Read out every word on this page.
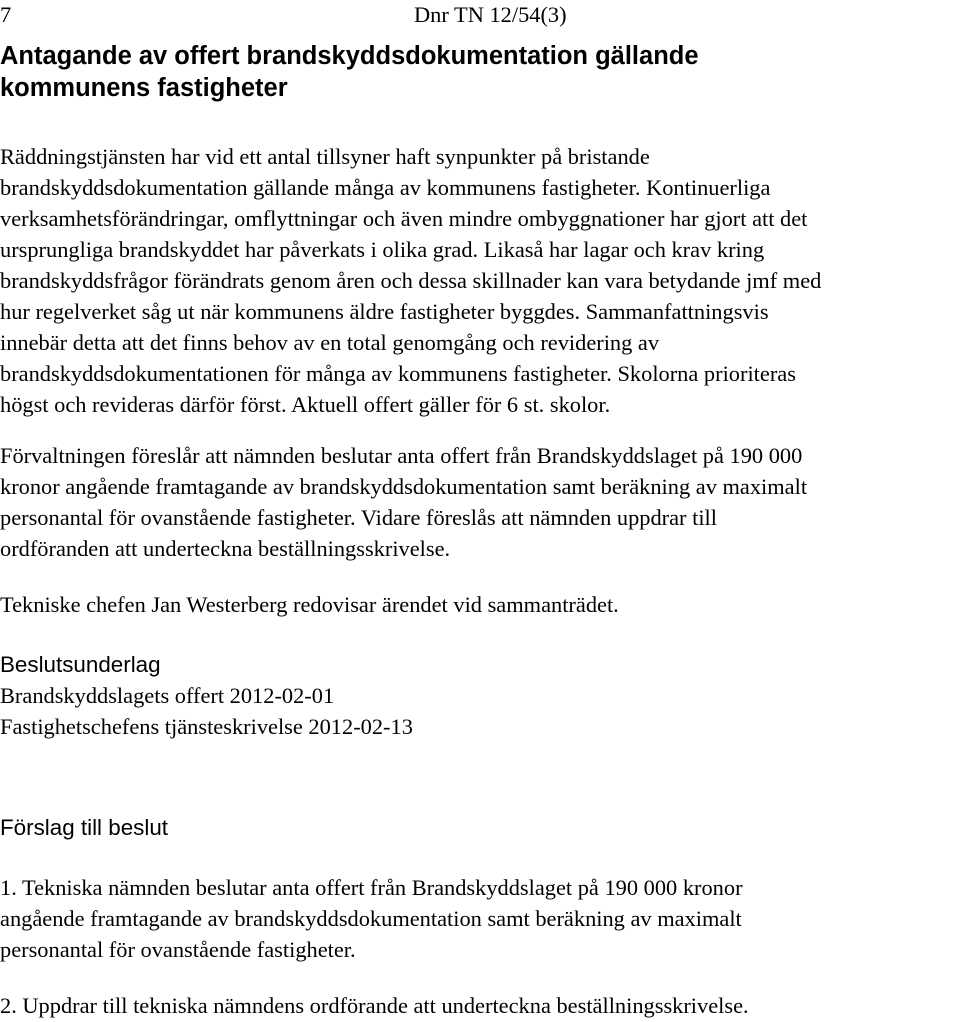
7	Dnr TN 12/54(3)
Antagande av offert brandskyddsdokumentation gällande
kommunens fastigheter

Räddningstjänsten har vid ett antal tillsyner haft synpunkter på bristande
brandskyddsdokumentation gällande många av kommunens fastigheter. Kontinuerliga
verksamhetsförändringar, omflyttningar och även mindre ombyggnationer har gjort att det
ursprungliga brandskyddet har påverkats i olika grad. Likaså har lagar och krav kring
brandskyddsfrågor förändrats genom åren och dessa skillnader kan vara betydande jmf med
hur regelverket såg ut när kommunens äldre fastigheter byggdes. Sammanfattningsvis
innebär detta att det finns behov av en total genomgång och revidering av
brandskyddsdokumentationen för många av kommunens fastigheter. Skolorna prioriteras
högst och revideras därför först. Aktuell offert gäller för 6 st. skolor.

Förvaltningen föreslår att nämnden beslutar anta offert från Brandskyddslaget på 190 000
kronor angående framtagande av brandskyddsdokumentation samt beräkning av maximalt
personantal för ovanstående fastigheter. Vidare föreslås att nämnden uppdrar till
ordföranden att underteckna beställningsskrivelse.

Tekniske chefen Jan Westerberg redovisar ärendet vid sammanträdet.

Beslutsunderlag
Brandskyddslagets offert 2012-02-01
Fastighetschefens tjänsteskrivelse 2012-02-13
Förslag till beslut

1. Tekniska nämnden beslutar anta offert från Brandskyddslaget på 190 000 kronor
angående framtagande av brandskyddsdokumentation samt beräkning av maximalt
personantal för ovanstående fastigheter.

2. Uppdrar till tekniska nämndens ordförande att underteckna beställningsskrivelse.
